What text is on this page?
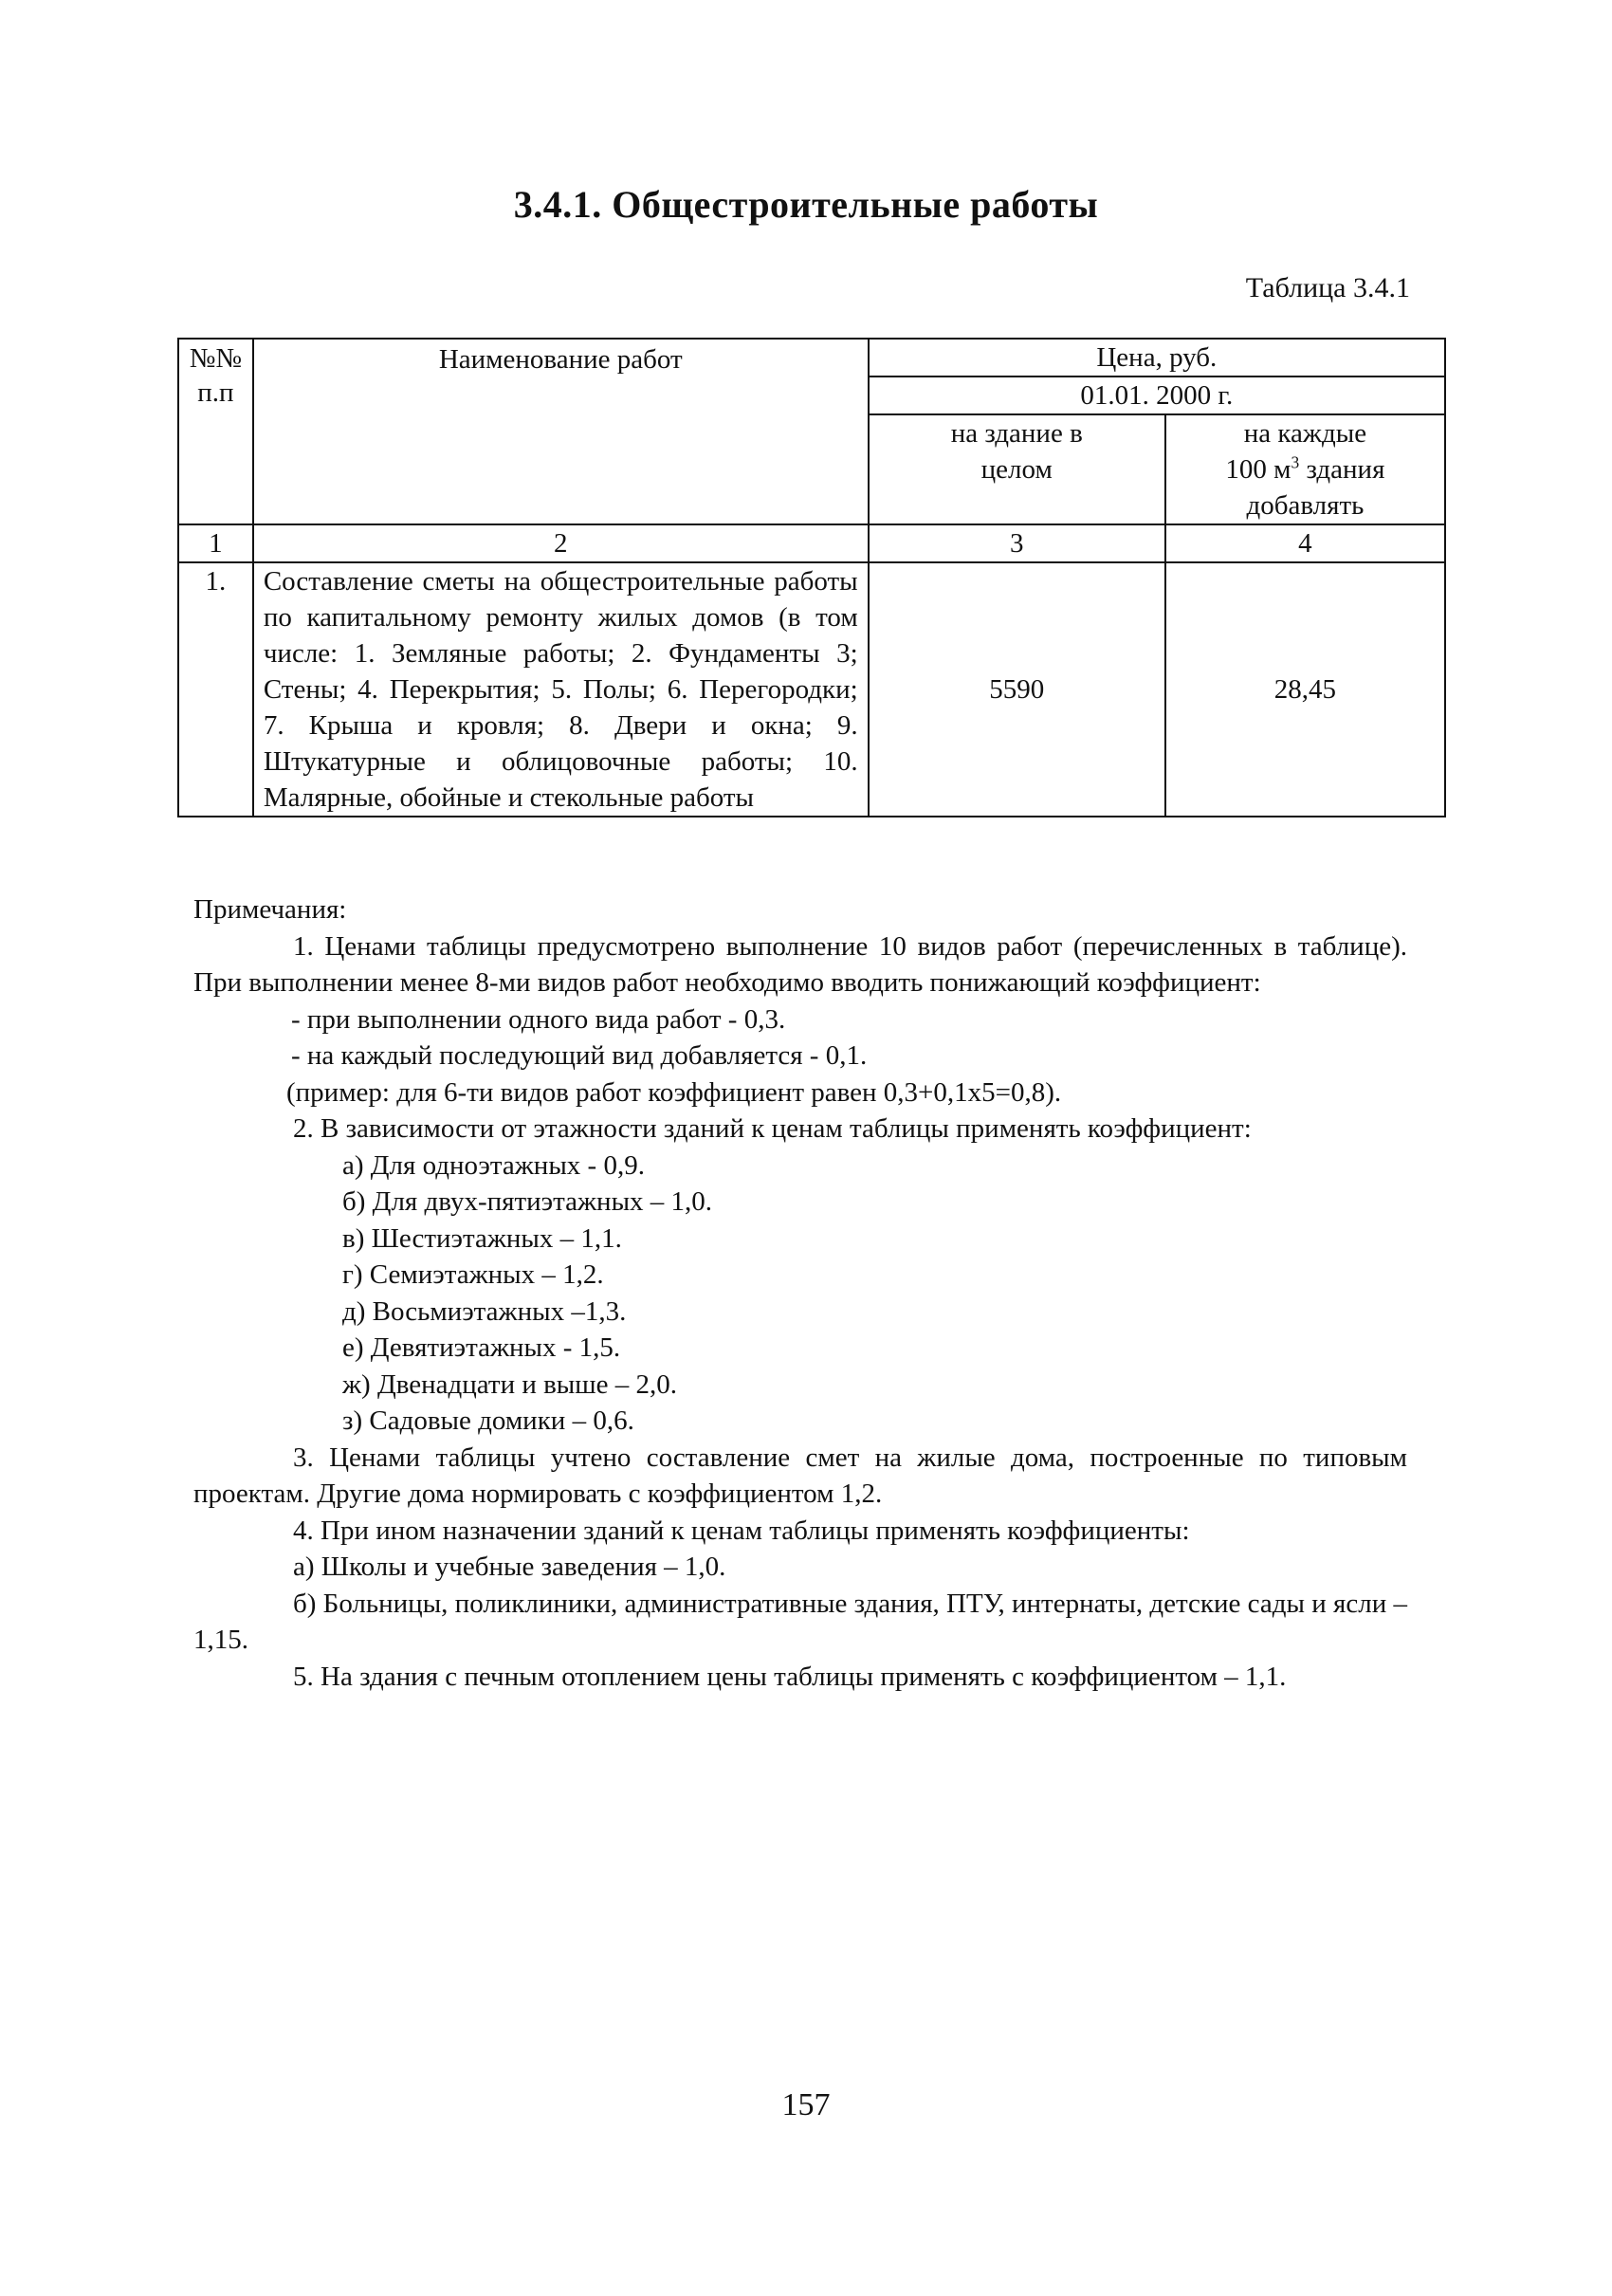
3.4.1. Общестроительные работы
Таблица 3.4.1
№№ п.п	Наименование работ	Цена, руб.	
		01.01. 2000 г.	
		на здание в целом	на каждые
100 $м^3$ здания
добавлять
1	2	3	4
1.	Составление сметы на общестроительные работы по капитальному ремонту жилых домов (в том числе: 1. Земляные работы; 2. Фундаменты 3; Стены; 4. Перекрытия; 5. Полы; 6. Перегородки; 7. Крыша и кровля; 8. Двери и окна; 9. Штукатурные и облицовочные работы; 10. Малярные, обойные и стекольные работы	5590	28,45

Примечания:

1. Ценами таблицы предусмотрено выполнение 10 видов работ (перечисленных в таблице). При выполнении менее 8-ми видов работ необходимо вводить понижающий коэффициент:

- при выполнении одного вида работ - 0,3.

- на каждый последующий вид добавляется - 0,1.

(пример: для 6-ти видов работ коэффициент равен 0,3+0,1х5=0,8).

2. В зависимости от этажности зданий к ценам таблицы применять коэффициент:

а) Для одноэтажных - 0,9.

б) Для двух-пятиэтажных – 1,0.

в) Шестиэтажных – 1,1.

г) Семиэтажных – 1,2.

д) Восьмиэтажных –1,3.

е) Девятиэтажных - 1,5.

ж) Двенадцати и выше – 2,0.

з) Садовые домики – 0,6.

3. Ценами таблицы учтено составление смет на жилые дома, построенные по типовым проектам. Другие дома нормировать с коэффициентом 1,2.

4. При ином назначении зданий к ценам таблицы применять коэффициенты:

а) Школы и учебные заведения – 1,0.

б) Больницы, поликлиники, административные здания, ПТУ, интернаты, детские сады и ясли – 1,15.

5. На здания с печным отоплением цены таблицы применять с коэффициентом – 1,1.

157
